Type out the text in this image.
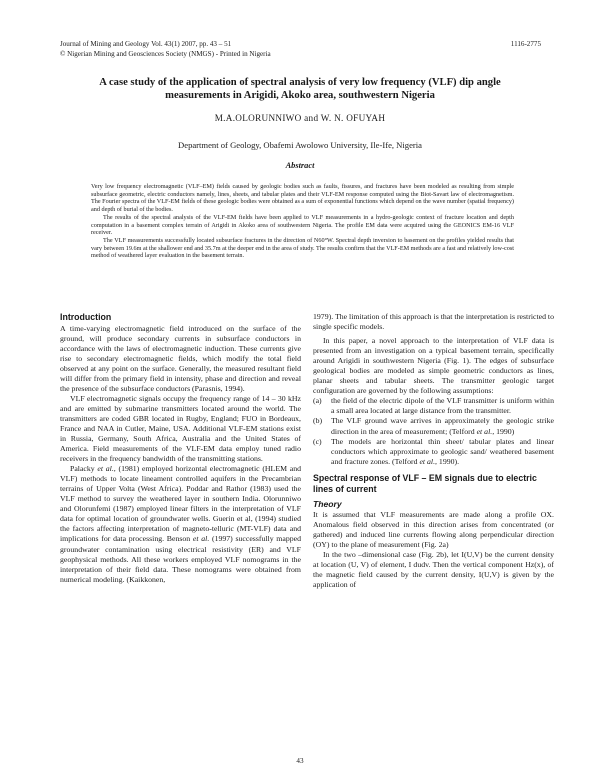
Journal of Mining and Geology Vol. 43(1) 2007, pp. 43 – 51	1116-2775
© Nigerian Mining and Geosciences Society (NMGS) - Printed in Nigeria
A case study of the application of spectral analysis of very low frequency (VLF) dip angle measurements in Arigidi, Akoko area, southwestern Nigeria
M.A.OLORUNNIWO and W. N. OFUYAH
Department of Geology, Obafemi Awolowo University, Ile-Ife, Nigeria
Abstract

Very low frequency electromagnetic (VLF–EM) fields caused by geologic bodies such as faults, fissures, and fractures have been modeled as resulting from simple subsurface geometric, electric conductors namely, lines, sheets, and tabular plates and their VLF-EM response computed using the Biot-Savart law of electromagnetism. The Fourier spectra of the VLF-EM fields of these geologic bodies were obtained as a sum of exponential functions which depend on the wave number (spatial frequency) and depth of burial of the bodies.

The results of the spectral analysis of the VLF-EM fields have been applied to VLF measurements in a hydro-geologic context of fracture location and depth computation in a basement complex terrain of Arigidi in Akoko area of southwestern Nigeria. The profile EM data were acquired using the GEONICS EM-16 VLF receiver.

The VLF measurements successfully located subsurface fractures in the direction of N60°W. Spectral depth inversion to basement on the profiles yielded results that vary between 19.6m at the shallower end and 35.7m at the deeper end in the area of study. The results confirm that the VLF-EM methods are a fast and relatively low-cost method of weathered layer evaluation in the basement terrain.

Introduction

A time-varying electromagnetic field introduced on the surface of the ground, will produce secondary currents in subsurface conductors in accordance with the laws of electromagnetic induction. These currents give rise to secondary electromagnetic fields, which modify the total field observed at any point on the surface. Generally, the measured resultant field will differ from the primary field in intensity, phase and direction and reveal the presence of the subsurface conductors (Parasnis, 1994).

VLF electromagnetic signals occupy the frequency range of 14 – 30 kHz and are emitted by submarine transmitters located around the world. The transmitters are coded GBR located in Rugby, England; FUO in Bordeaux, France and NAA in Cutler, Maine, USA. Additional VLF-EM stations exist in Russia, Germany, South Africa, Australia and the United States of America. Field measurements of the VLF-EM data employ tuned radio receivers in the frequency bandwidth of the transmitting stations.

Palacky et al., (1981) employed horizontal electromagnetic (HLEM and VLF) methods to locate lineament controlled aquifers in the Precambrian terrains of Upper Volta (West Africa). Poddar and Rathor (1983) used the VLF method to survey the weathered layer in southern India. Olorunniwo and Olorunfemi (1987) employed linear filters in the interpretation of VLF data for optimal location of groundwater wells. Guerin et al, (1994) studied the factors affecting interpretation of magneto-telluric (MT-VLF) data and implications for data processing. Benson et al. (1997) successfully mapped groundwater contamination using electrical resistivity (ER) and VLF geophysical methods. All these workers employed VLF nomograms in the interpretation of their field data. These nomograms were obtained from numerical modeling. (Kaikkonen,

1979). The limitation of this approach is that the interpretation is restricted to single specific models.

In this paper, a novel approach to the interpretation of VLF data is presented from an investigation on a typical basement terrain, specifically around Arigidi in southwestern Nigeria (Fig. 1). The edges of subsurface geological bodies are modeled as simple geometric conductors as lines, planar sheets and tabular sheets. The transmitter geologic target configuration are governed by the following assumptions:

(a) the field of the electric dipole of the VLF transmitter is uniform within a small area located at large distance from the transmitter.
(b) The VLF ground wave arrives in approximately the geologic strike direction in the area of measurement; (Telford et al., 1990)
(c) The models are horizontal thin sheet/ tabular plates and linear conductors which approximate to geologic sand/ weathered basement and fracture zones. (Telford et al., 1990).
Spectral response of VLF – EM signals due to electric lines of current
Theory

It is assumed that VLF measurements are made along a profile OX. Anomalous field observed in this direction arises from concentrated (or gathered) and induced line currents flowing along perpendicular direction (OY) to the plane of measurement (Fig. 2a)

In the two –dimensional case (Fig. 2b), let I(U,V) be the current density at location (U, V) of element, I dudv. Then the vertical component Hz(x), of the magnetic field caused by the current density, I(U,V) is given by the application of

43
